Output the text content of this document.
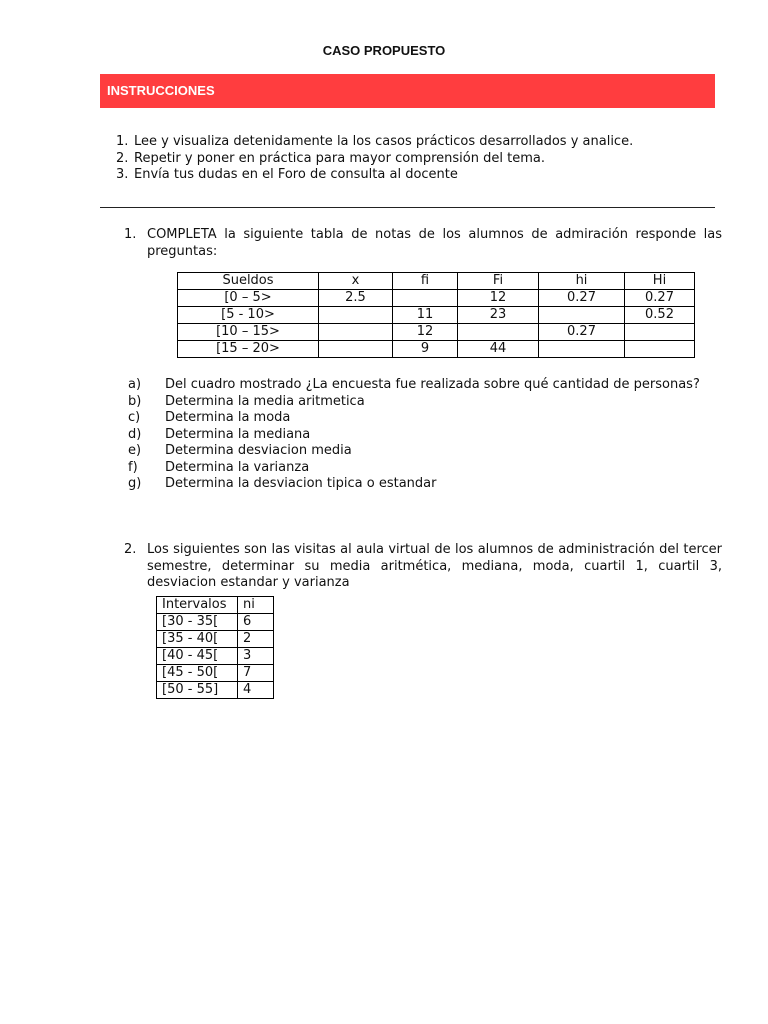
CASO PROPUESTO
INSTRUCCIONES
1. Lee y visualiza detenidamente la los casos prácticos desarrollados y analice.
2. Repetir y poner en práctica para mayor comprensión del tema.
3. Envía tus dudas en el Foro de consulta al docente
1. COMPLETA la siguiente tabla de notas de los alumnos de admiración responde las preguntas:
Sueldos	$\overline{x}$	fi	Fi	hi	Hi
[0 – 5>	2.5		12	0.27	0.27
[5 - 10>		11	23		0.52
[10 – 15>		12		0.27	
[15 – 20>		9	44		
a)	Del cuadro mostrado ¿La encuesta fue realizada sobre qué cantidad de personas?
b)	Determina la media aritmetica
c)	Determina la moda
d)	Determina la mediana
e)	Determina desviacion media
f)	Determina la varianza
g)	Determina la desviacion tipica o estandar
2. Los siguientes son las visitas al aula virtual de los alumnos de administración del tercer semestre, determinar su media aritmética, mediana, moda, cuartil 1, cuartil 3, desviacion estandar y varianza
Intervalos	ni
[30 - 35[	6
[35 - 40[	2
[40 - 45[	3
[45 - 50[	7
[50 - 55]	4
